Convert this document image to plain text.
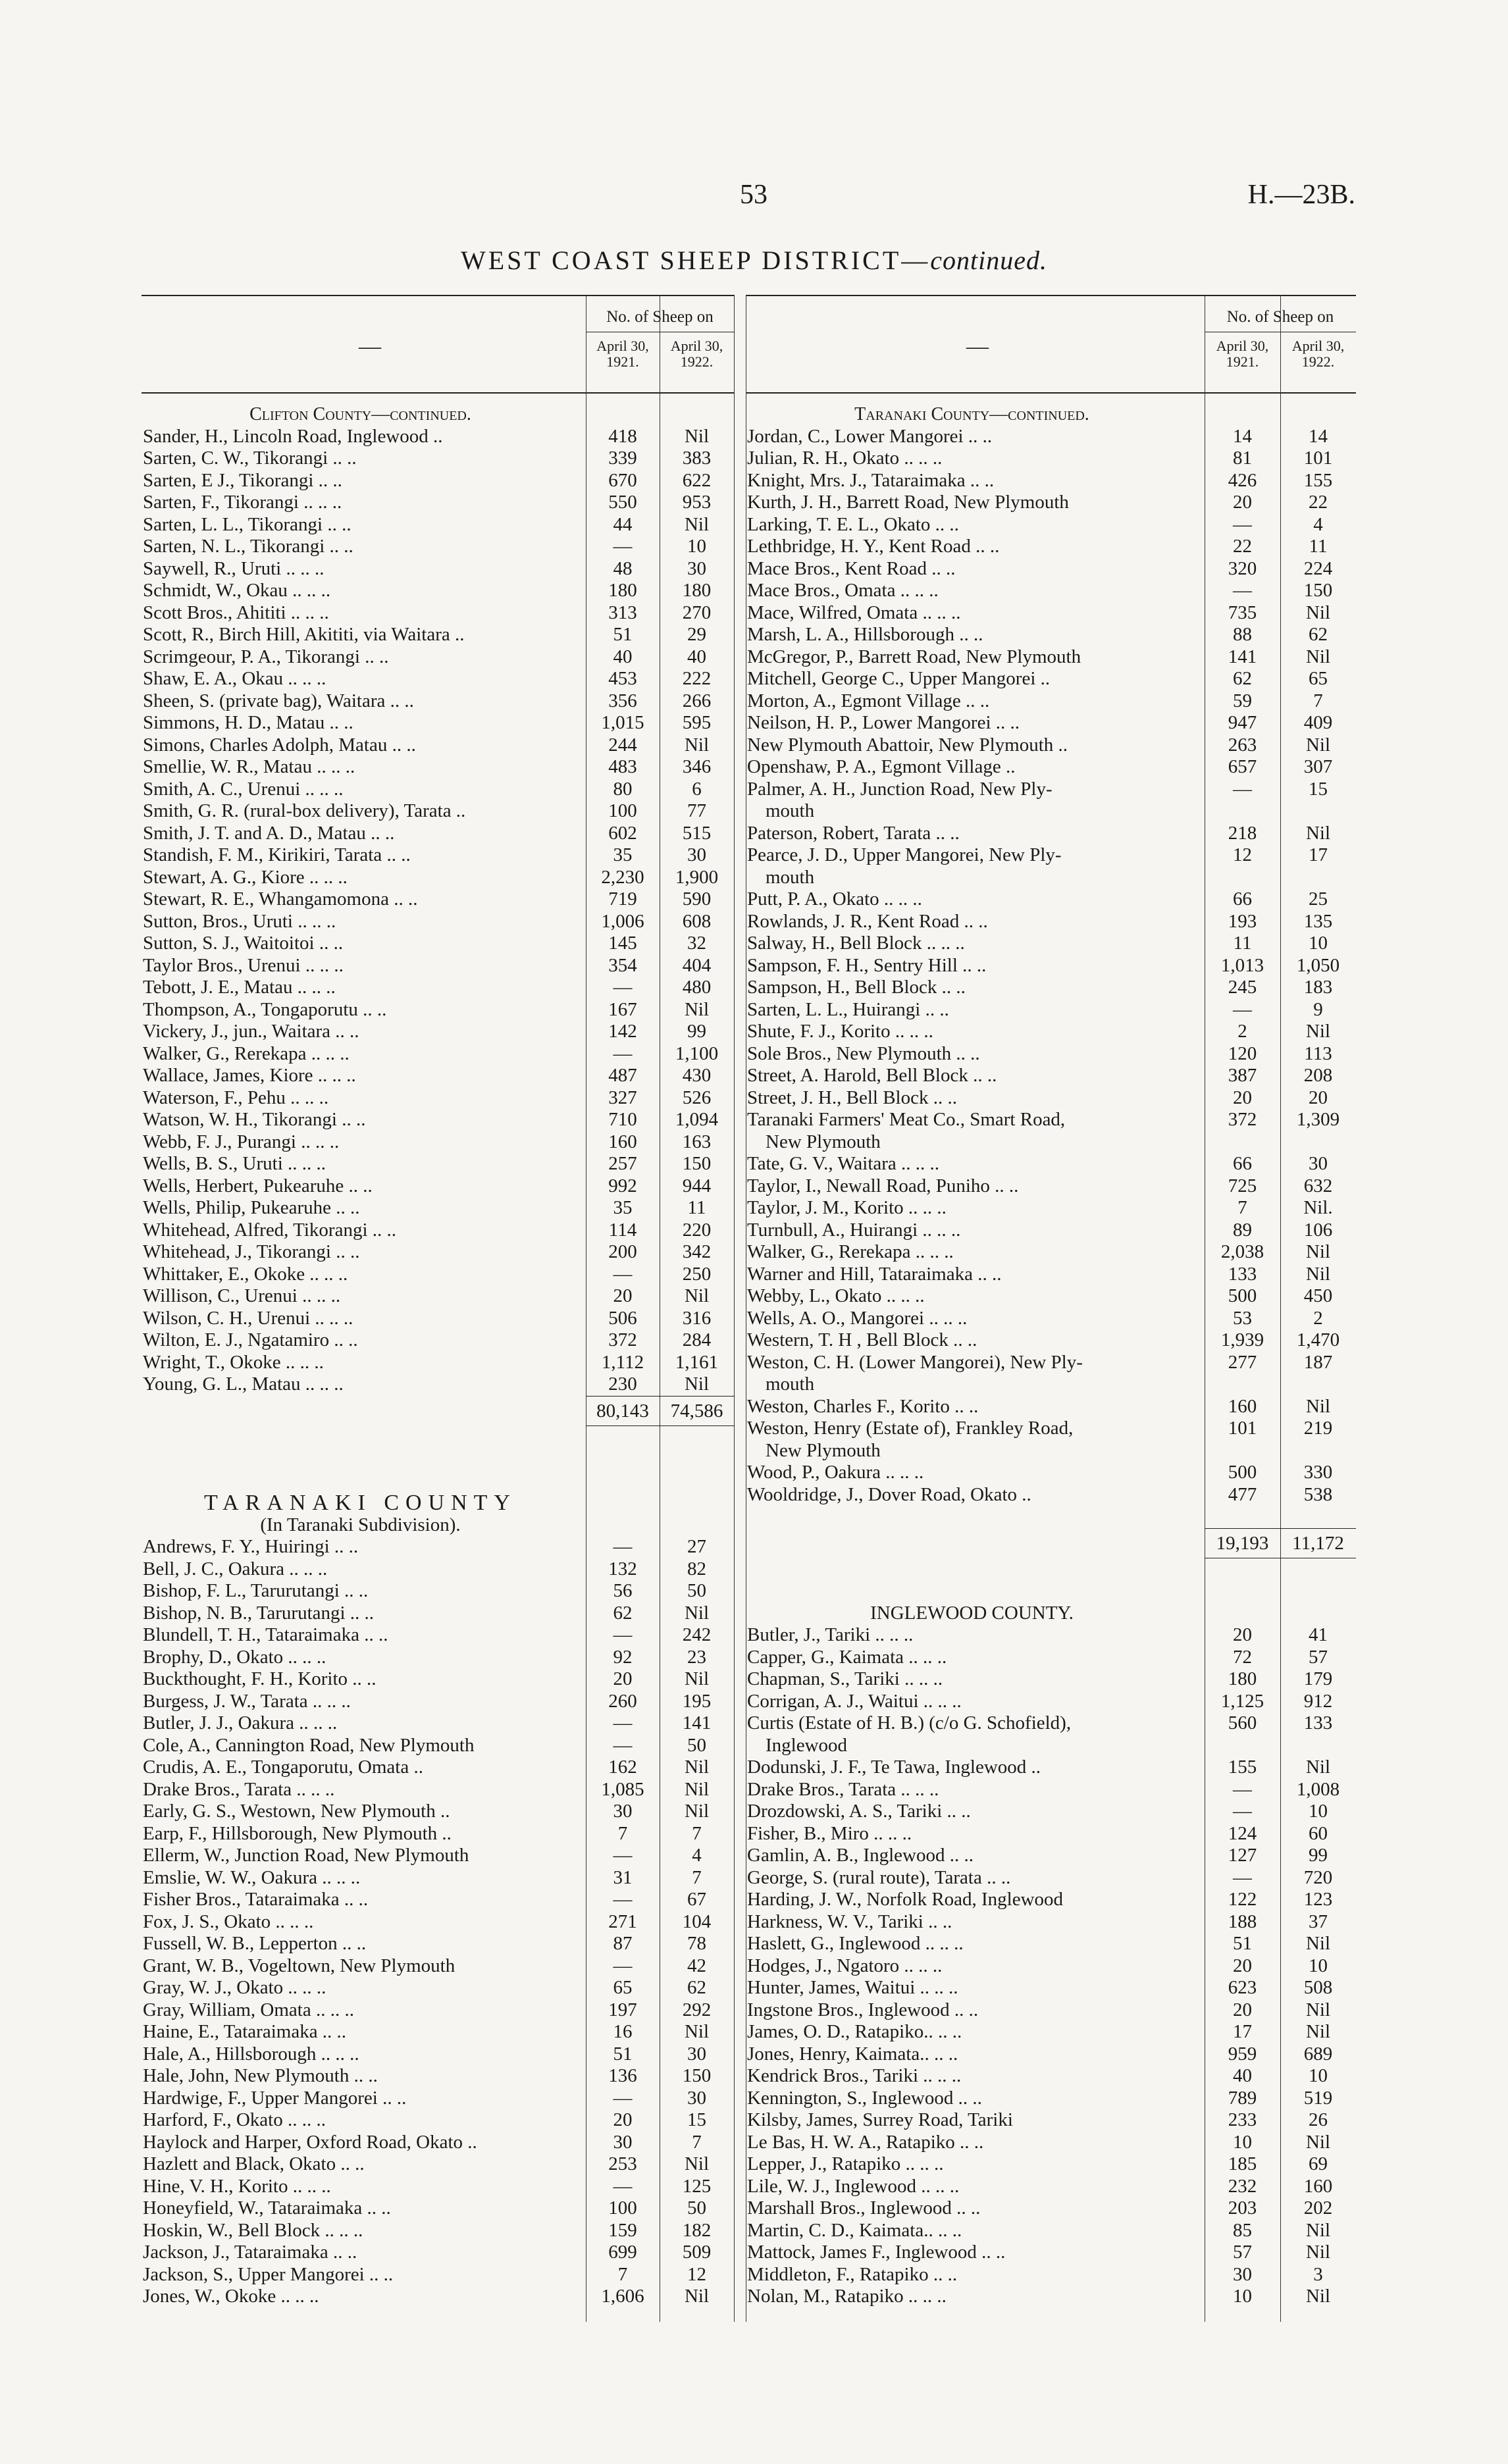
53	H.—23B.
WEST COAST SHEEP DISTRICT—continued.
—
No. of Sheep on
April 30, 1921.
April 30, 1922.
Clifton County—continued.
Sander, H., Lincoln Road, Inglewood ..	418	Nil
Sarten, C. W., Tikorangi .. ..	339	383
Sarten, E J., Tikorangi .. ..	670	622
Sarten, F., Tikorangi .. .. ..	550	953
Sarten, L. L., Tikorangi .. ..	44	Nil
Sarten, N. L., Tikorangi .. ..	—	10
Saywell, R., Uruti .. .. ..	48	30
Schmidt, W., Okau .. .. ..	180	180
Scott Bros., Ahititi .. .. ..	313	270
Scott, R., Birch Hill, Akititi, via Waitara ..	51	29
Scrimgeour, P. A., Tikorangi .. ..	40	40
Shaw, E. A., Okau .. .. ..	453	222
Sheen, S. (private bag), Waitara .. ..	356	266
Simmons, H. D., Matau .. ..	1,015	595
Simons, Charles Adolph, Matau .. ..	244	Nil
Smellie, W. R., Matau .. .. ..	483	346
Smith, A. C., Urenui .. .. ..	80	6
Smith, G. R. (rural-box delivery), Tarata ..	100	77
Smith, J. T. and A. D., Matau .. ..	602	515
Standish, F. M., Kirikiri, Tarata .. ..	35	30
Stewart, A. G., Kiore .. .. ..	2,230	1,900
Stewart, R. E., Whangamomona .. ..	719	590
Sutton, Bros., Uruti .. .. ..	1,006	608
Sutton, S. J., Waitoitoi .. ..	145	32
Taylor Bros., Urenui .. .. ..	354	404
Tebott, J. E., Matau .. .. ..	—	480
Thompson, A., Tongaporutu .. ..	167	Nil
Vickery, J., jun., Waitara .. ..	142	99
Walker, G., Rerekapa .. .. ..	—	1,100
Wallace, James, Kiore .. .. ..	487	430
Waterson, F., Pehu .. .. ..	327	526
Watson, W. H., Tikorangi .. ..	710	1,094
Webb, F. J., Purangi .. .. ..	160	163
Wells, B. S., Uruti .. .. ..	257	150
Wells, Herbert, Pukearuhe .. ..	992	944
Wells, Philip, Pukearuhe .. ..	35	11
Whitehead, Alfred, Tikorangi .. ..	114	220
Whitehead, J., Tikorangi .. ..	200	342
Whittaker, E., Okoke .. .. ..	—	250
Willison, C., Urenui .. .. ..	20	Nil
Wilson, C. H., Urenui .. .. ..	506	316
Wilton, E. J., Ngatamiro .. ..	372	284
Wright, T., Okoke .. .. ..	1,112	1,161
Young, G. L., Matau .. .. ..	230	Nil
80,143	74,586
TARANAKI COUNTY
(In Taranaki Subdivision).
Andrews, F. Y., Huiringi .. ..	—	27
Bell, J. C., Oakura .. .. ..	132	82
Bishop, F. L., Tarurutangi .. ..	56	50
Bishop, N. B., Tarurutangi .. ..	62	Nil
Blundell, T. H., Tataraimaka .. ..	—	242
Brophy, D., Okato .. .. ..	92	23
Buckthought, F. H., Korito .. ..	20	Nil
Burgess, J. W., Tarata .. .. ..	260	195
Butler, J. J., Oakura .. .. ..	—	141
Cole, A., Cannington Road, New Plymouth	—	50
Crudis, A. E., Tongaporutu, Omata ..	162	Nil
Drake Bros., Tarata .. .. ..	1,085	Nil
Early, G. S., Westown, New Plymouth ..	30	Nil
Earp, F., Hillsborough, New Plymouth ..	7	7
Ellerm, W., Junction Road, New Plymouth	—	4
Emslie, W. W., Oakura .. .. ..	31	7
Fisher Bros., Tataraimaka .. ..	—	67
Fox, J. S., Okato .. .. ..	271	104
Fussell, W. B., Lepperton .. ..	87	78
Grant, W. B., Vogeltown, New Plymouth	—	42
Gray, W. J., Okato .. .. ..	65	62
Gray, William, Omata .. .. ..	197	292
Haine, E., Tataraimaka .. ..	16	Nil
Hale, A., Hillsborough .. .. ..	51	30
Hale, John, New Plymouth .. ..	136	150
Hardwige, F., Upper Mangorei .. ..	—	30
Harford, F., Okato .. .. ..	20	15
Haylock and Harper, Oxford Road, Okato ..	30	7
Hazlett and Black, Okato .. ..	253	Nil
Hine, V. H., Korito .. .. ..	—	125
Honeyfield, W., Tataraimaka .. ..	100	50
Hoskin, W., Bell Block .. .. ..	159	182
Jackson, J., Tataraimaka .. ..	699	509
Jackson, S., Upper Mangorei .. ..	7	12
Jones, W., Okoke .. .. ..	1,606	Nil
—
No. of Sheep on
April 30, 1921.
April 30, 1922.
Taranaki County—continued.
Jordan, C., Lower Mangorei .. ..	14	14
Julian, R. H., Okato .. .. ..	81	101
Knight, Mrs. J., Tataraimaka .. ..	426	155
Kurth, J. H., Barrett Road, New Plymouth	20	22
Larking, T. E. L., Okato .. ..	—	4
Lethbridge, H. Y., Kent Road .. ..	22	11
Mace Bros., Kent Road .. ..	320	224
Mace Bros., Omata .. .. ..	—	150
Mace, Wilfred, Omata .. .. ..	735	Nil
Marsh, L. A., Hillsborough .. ..	88	62
McGregor, P., Barrett Road, New Plymouth	141	Nil
Mitchell, George C., Upper Mangorei ..	62	65
Morton, A., Egmont Village .. ..	59	7
Neilson, H. P., Lower Mangorei .. ..	947	409
New Plymouth Abattoir, New Plymouth ..	263	Nil
Openshaw, P. A., Egmont Village ..	657	307
Palmer, A. H., Junction Road, New Ply-	—	15
mouth
Paterson, Robert, Tarata .. ..	218	Nil
Pearce, J. D., Upper Mangorei, New Ply-	12	17
mouth
Putt, P. A., Okato .. .. ..	66	25
Rowlands, J. R., Kent Road .. ..	193	135
Salway, H., Bell Block .. .. ..	11	10
Sampson, F. H., Sentry Hill .. ..	1,013	1,050
Sampson, H., Bell Block .. ..	245	183
Sarten, L. L., Huirangi .. ..	—	9
Shute, F. J., Korito .. .. ..	2	Nil
Sole Bros., New Plymouth .. ..	120	113
Street, A. Harold, Bell Block .. ..	387	208
Street, J. H., Bell Block .. ..	20	20
Taranaki Farmers' Meat Co., Smart Road,	372	1,309
New Plymouth
Tate, G. V., Waitara .. .. ..	66	30
Taylor, I., Newall Road, Puniho .. ..	725	632
Taylor, J. M., Korito .. .. ..	7	Nil.
Turnbull, A., Huirangi .. .. ..	89	106
Walker, G., Rerekapa .. .. ..	2,038	Nil
Warner and Hill, Tataraimaka .. ..	133	Nil
Webby, L., Okato .. .. ..	500	450
Wells, A. O., Mangorei .. .. ..	53	2
Western, T. H , Bell Block .. ..	1,939	1,470
Weston, C. H. (Lower Mangorei), New Ply-	277	187
mouth
Weston, Charles F., Korito .. ..	160	Nil
Weston, Henry (Estate of), Frankley Road,	101	219
New Plymouth
Wood, P., Oakura .. .. ..	500	330
Wooldridge, J., Dover Road, Okato ..	477	538
19,193	11,172
INGLEWOOD COUNTY.
Butler, J., Tariki .. .. ..	20	41
Capper, G., Kaimata .. .. ..	72	57
Chapman, S., Tariki .. .. ..	180	179
Corrigan, A. J., Waitui .. .. ..	1,125	912
Curtis (Estate of H. B.) (c/o G. Schofield),	560	133
Inglewood
Dodunski, J. F., Te Tawa, Inglewood ..	155	Nil
Drake Bros., Tarata .. .. ..	—	1,008
Drozdowski, A. S., Tariki .. ..	—	10
Fisher, B., Miro .. .. ..	124	60
Gamlin, A. B., Inglewood .. ..	127	99
George, S. (rural route), Tarata .. ..	—	720
Harding, J. W., Norfolk Road, Inglewood	122	123
Harkness, W. V., Tariki .. ..	188	37
Haslett, G., Inglewood .. .. ..	51	Nil
Hodges, J., Ngatoro .. .. ..	20	10
Hunter, James, Waitui .. .. ..	623	508
Ingstone Bros., Inglewood .. ..	20	Nil
James, O. D., Ratapiko.. .. ..	17	Nil
Jones, Henry, Kaimata.. .. ..	959	689
Kendrick Bros., Tariki .. .. ..	40	10
Kennington, S., Inglewood .. ..	789	519
Kilsby, James, Surrey Road, Tariki	233	26
Le Bas, H. W. A., Ratapiko .. ..	10	Nil
Lepper, J., Ratapiko .. .. ..	185	69
Lile, W. J., Inglewood .. .. ..	232	160
Marshall Bros., Inglewood .. ..	203	202
Martin, C. D., Kaimata.. .. ..	85	Nil
Mattock, James F., Inglewood .. ..	57	Nil
Middleton, F., Ratapiko .. ..	30	3
Nolan, M., Ratapiko .. .. ..	10	Nil
